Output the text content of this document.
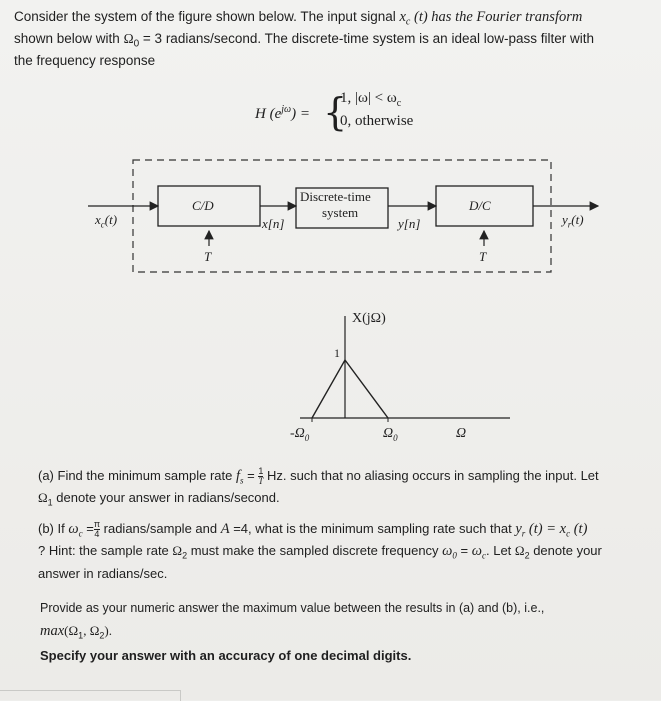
Consider the system of the figure shown below. The input signal $x_c$ (t) has the Fourier transform

shown below with $\Omega_0 = 3$ radians/second. The discrete-time system is an ideal low-pass filter with

the frequency response

H $(e^{j\omega})$ = {
1, $|\omega| < \omega_c$
0, otherwise
$x_c(t)$
C/D
T
x[n]
Discrete-time
system
y[n]
D/C
T
$y_r(t)$
X(jΩ)
1
$-\Omega_0$	$\Omega_0$	Ω

(a) Find the minimum sample rate $f_s = \frac{1}{T} Hz$. such that no aliasing occurs in sampling the input. Let

$\Omega_1$ denote your answer in radians/second.

(b) If $\omega_c = \frac{\pi}{4}$ radians/sample and A =4, what is the minimum sampling rate such that $y_r$ $(t) = x_c$ (t)

? Hint: the sample rate $\Omega_2$ must make the sampled discrete frequency $\omega_0 = \omega_c$. Let $\Omega_2$ denote your

answer in radians/sec.

Provide as your numeric answer the maximum value between the results in (a) and (b), i.e.,

$\max(\Omega_1$, $\Omega_2$).

Specify your answer with an accuracy of one decimal digits.
